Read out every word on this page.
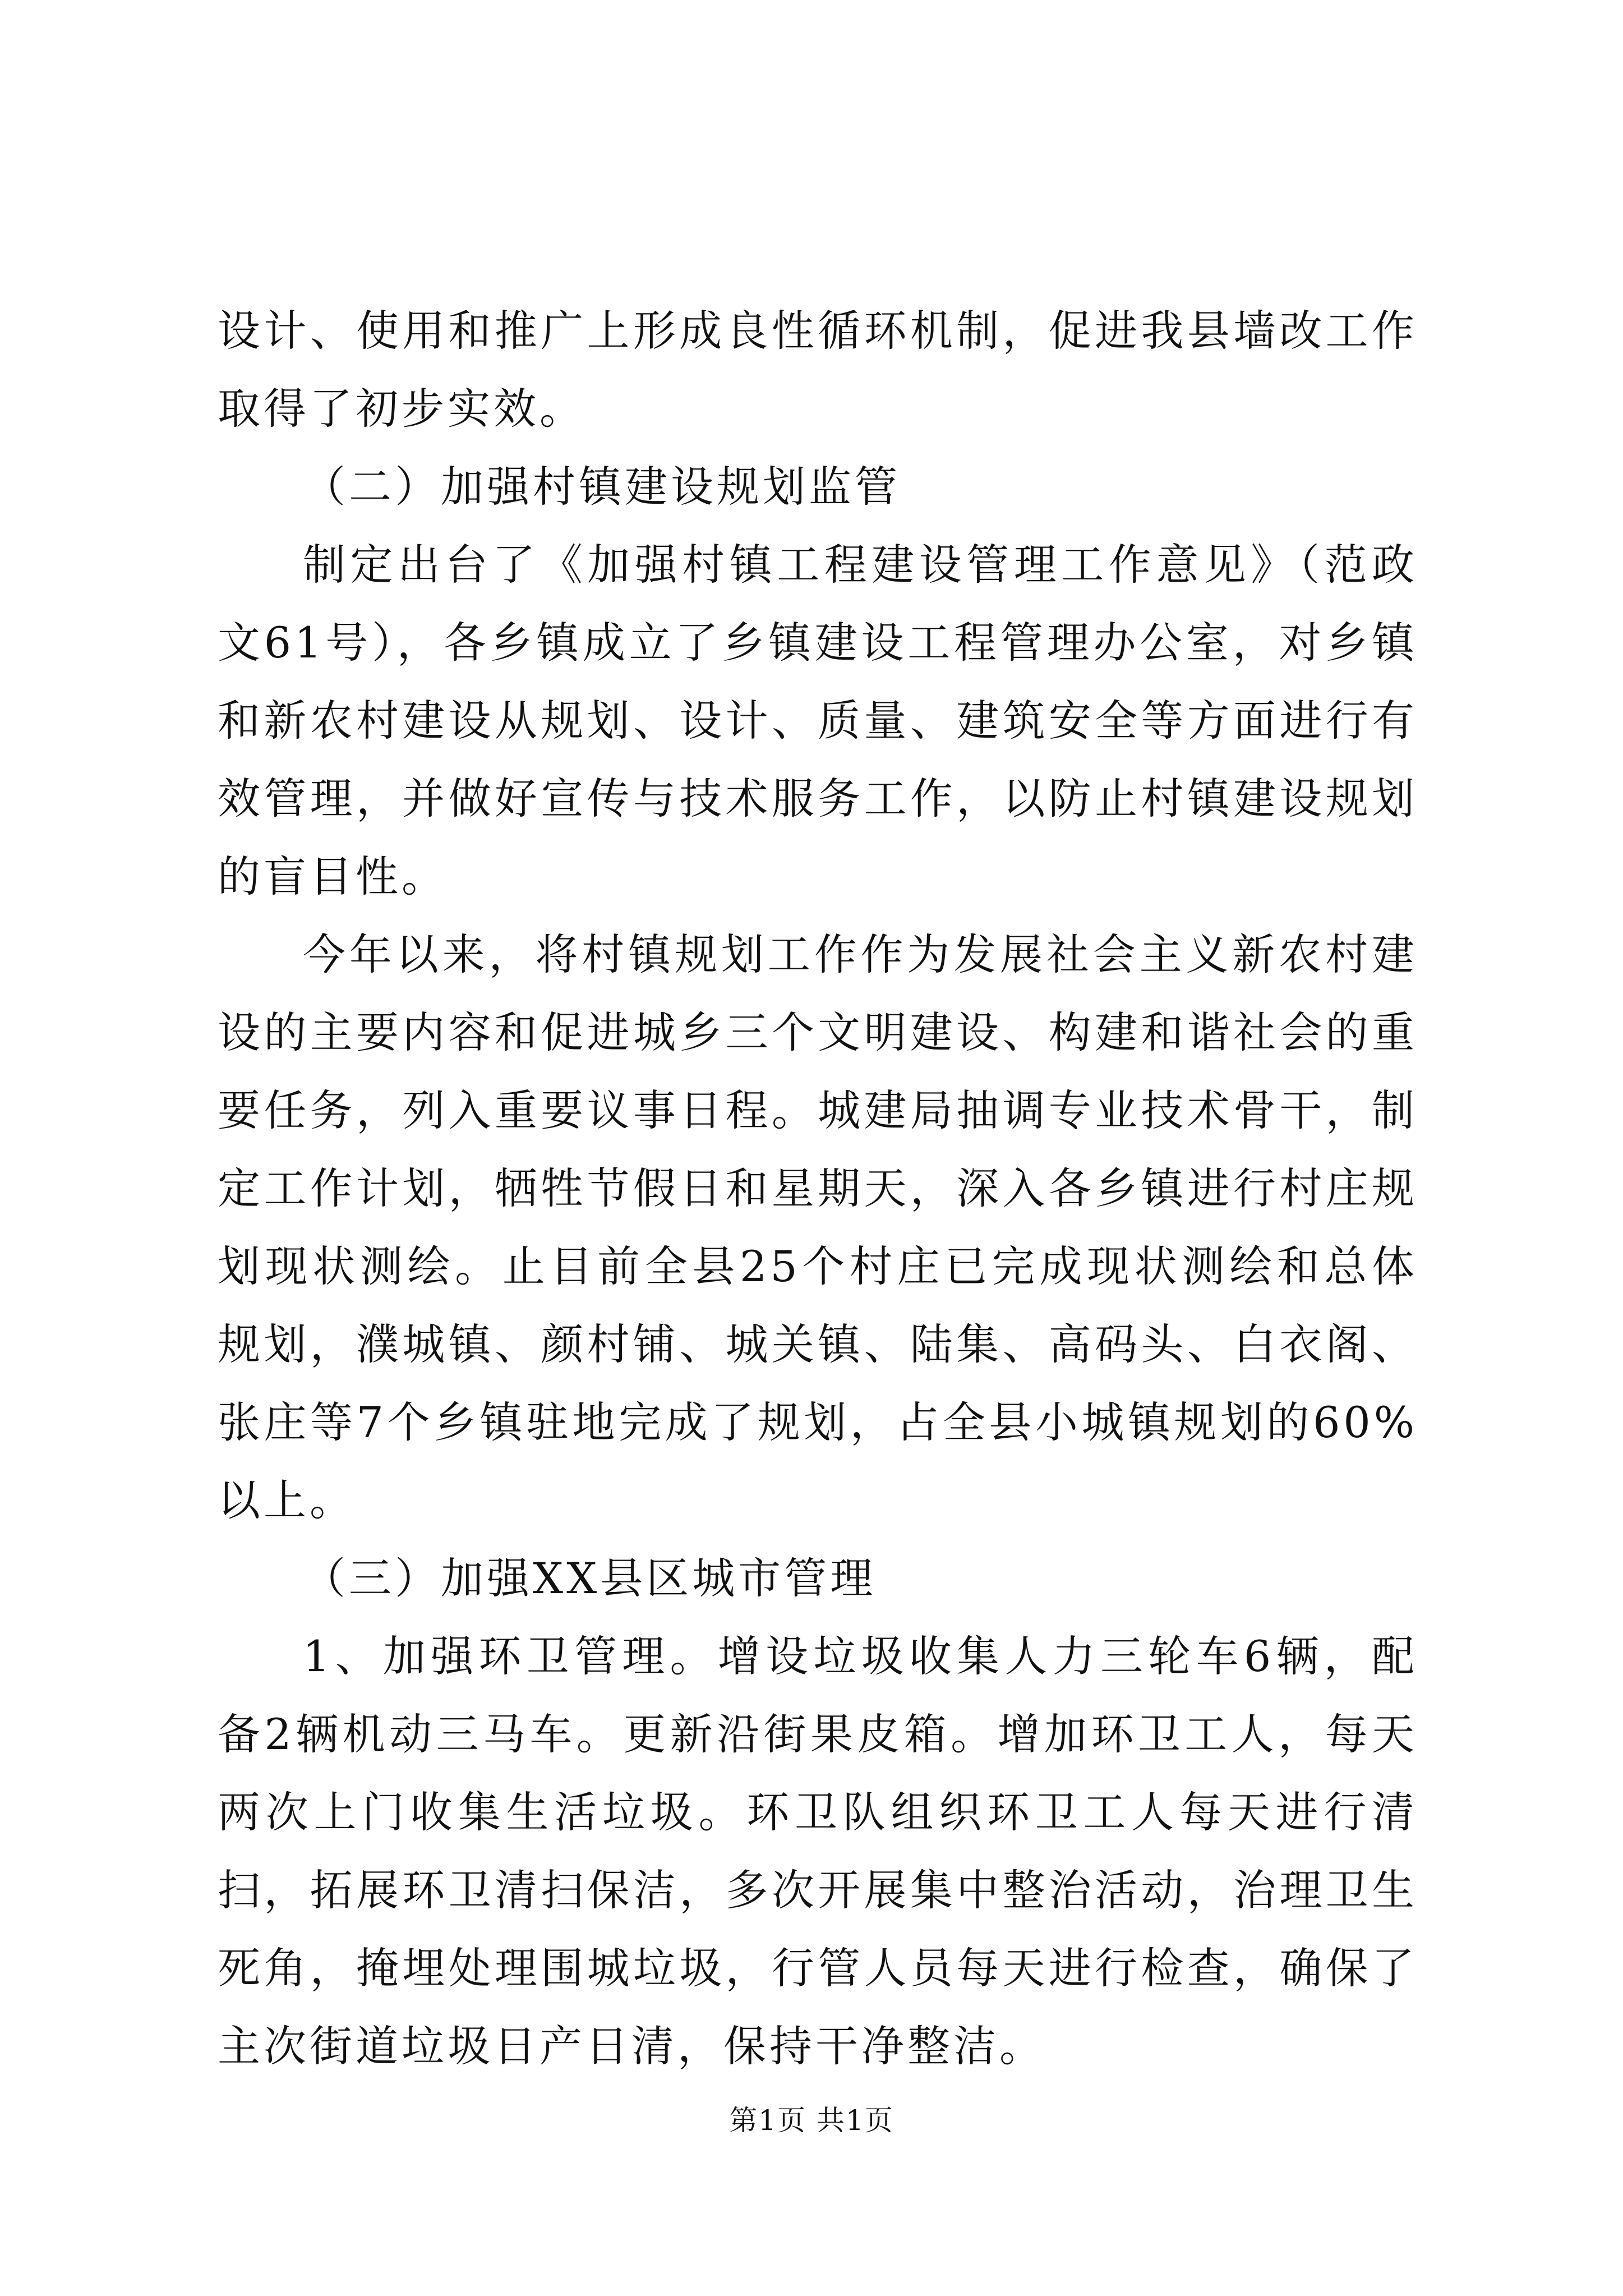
设计、使用和推广上形成良性循环机制，促进我县墙改工作取得了初步实效。

（二）加强村镇建设规划监管

制定出台了《加强村镇工程建设管理工作意见》（范政文61号），各乡镇成立了乡镇建设工程管理办公室，对乡镇和新农村建设从规划、设计、质量、建筑安全等方面进行有效管理，并做好宣传与技术服务工作，以防止村镇建设规划的盲目性。

今年以来，将村镇规划工作作为发展社会主义新农村建设的主要内容和促进城乡三个文明建设、构建和谐社会的重要任务，列入重要议事日程。城建局抽调专业技术骨干，制定工作计划，牺牲节假日和星期天，深入各乡镇进行村庄规划现状测绘。止目前全县25个村庄已完成现状测绘和总体规划，濮城镇、颜村铺、城关镇、陆集、高码头、白衣阁、张庄等7个乡镇驻地完成了规划，占全县小城镇规划的60%以上。

（三）加强XX县区城市管理

1、加强环卫管理。增设垃圾收集人力三轮车6辆，配备2辆机动三马车。更新沿街果皮箱。增加环卫工人，每天两次上门收集生活垃圾。环卫队组织环卫工人每天进行清扫，拓展环卫清扫保洁，多次开展集中整治活动，治理卫生死角，掩埋处理围城垃圾，行管人员每天进行检查，确保了主次街道垃圾日产日清，保持干净整洁。

第1页 共1页
